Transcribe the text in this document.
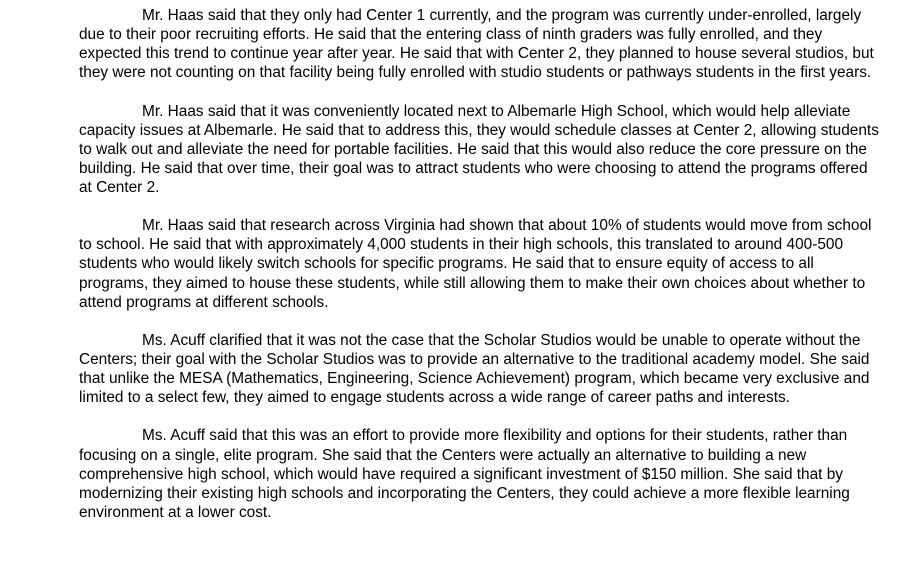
Mr. Haas said that they only had Center 1 currently, and the program was currently under-enrolled, largely due to their poor recruiting efforts. He said that the entering class of ninth graders was fully enrolled, and they expected this trend to continue year after year. He said that with Center 2, they planned to house several studios, but they were not counting on that facility being fully enrolled with studio students or pathways students in the first years.

Mr. Haas said that it was conveniently located next to Albemarle High School, which would help alleviate capacity issues at Albemarle. He said that to address this, they would schedule classes at Center 2, allowing students to walk out and alleviate the need for portable facilities. He said that this would also reduce the core pressure on the building. He said that over time, their goal was to attract students who were choosing to attend the programs offered at Center 2.

Mr. Haas said that research across Virginia had shown that about 10% of students would move from school to school. He said that with approximately 4,000 students in their high schools, this translated to around 400-500 students who would likely switch schools for specific programs. He said that to ensure equity of access to all programs, they aimed to house these students, while still allowing them to make their own choices about whether to attend programs at different schools.

Ms. Acuff clarified that it was not the case that the Scholar Studios would be unable to operate without the Centers; their goal with the Scholar Studios was to provide an alternative to the traditional academy model. She said that unlike the MESA (Mathematics, Engineering, Science Achievement) program, which became very exclusive and limited to a select few, they aimed to engage students across a wide range of career paths and interests.

Ms. Acuff said that this was an effort to provide more flexibility and options for their students, rather than focusing on a single, elite program. She said that the Centers were actually an alternative to building a new comprehensive high school, which would have required a significant investment of $150 million. She said that by modernizing their existing high schools and incorporating the Centers, they could achieve a more flexible learning environment at a lower cost.
